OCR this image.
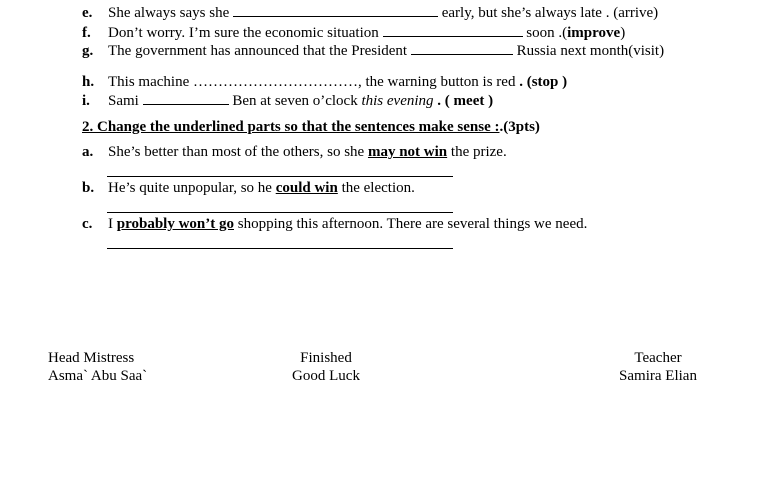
e. She always says she	early, but she’s always late . (arrive)
f. Don’t worry. I’m sure the economic situation	soon .(improve)
g. The government has announced that the President	Russia next month(visit)
h. This machine ……………………………, the warning button is red . (stop )
i. Sami	Ben at seven o’clock this evening . ( meet )
2. Change the underlined parts so that the sentences make sense :.(3pts)
a. She’s better than most of the others, so she may not win the prize.
b. He’s quite unpopular, so he could win the election.
c. I probably won’t go shopping this afternoon. There are several things we need.
Head Mistress
Asma` Abu Saa`
Finished
Good Luck
Teacher
Samira Elian
